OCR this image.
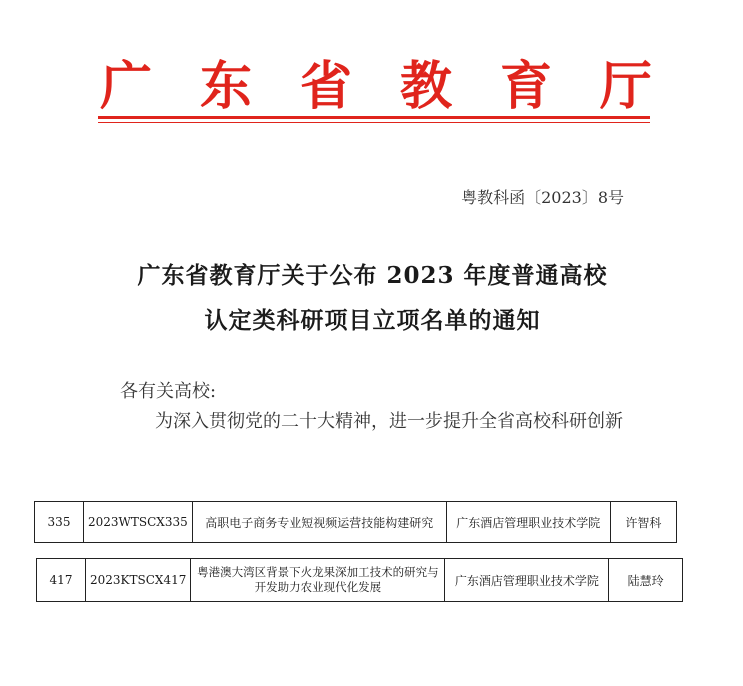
广 东 省 教 育 厅
粤教科函〔2023〕8号
广东省教育厅关于公布 2023 年度普通高校
认定类科研项目立项名单的通知
各有关高校:
为深入贯彻党的二十大精神，进一步提升全省高校科研创新
335	2023WTSCX335	高职电子商务专业短视频运营技能构建研究	广东酒店管理职业技术学院	许智科
417	2023KTSCX417	粤港澳大湾区背景下火龙果深加工技术的研究与开发助力农业现代化发展	广东酒店管理职业技术学院	陆慧玲
